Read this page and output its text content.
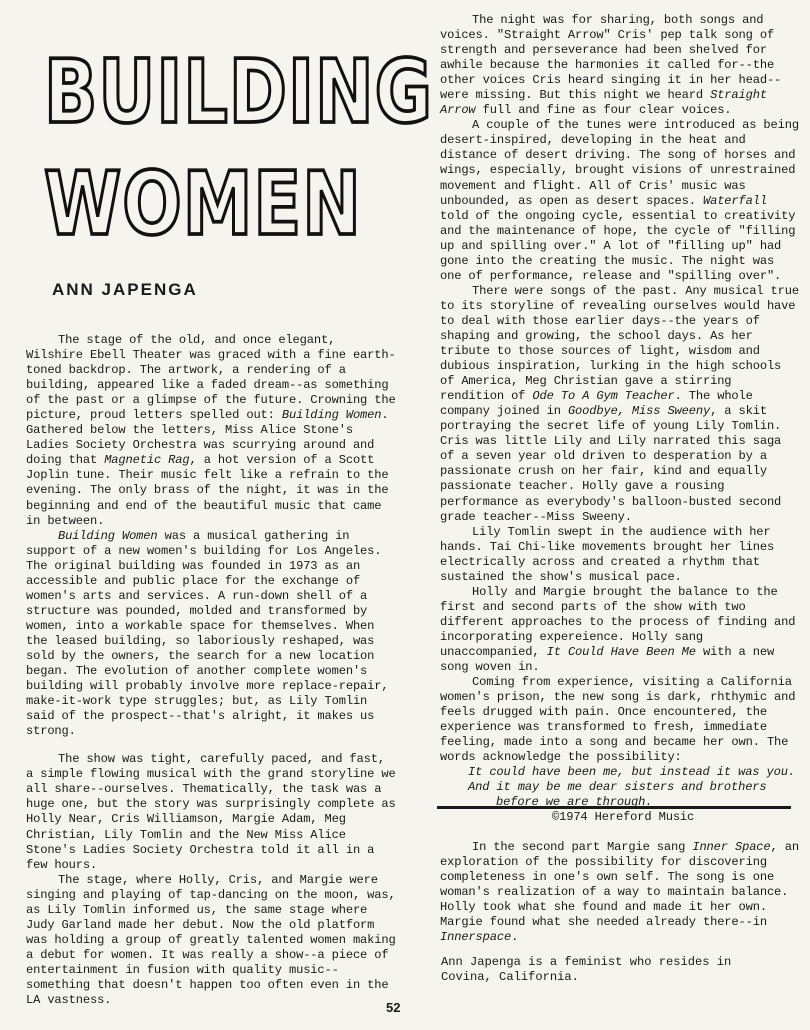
BUILDING
WOMEN
ANN JAPENGA

The stage of the old, and once elegant, Wilshire Ebell Theater was graced with a fine earth-toned backdrop. The artwork, a rendering of a building, appeared like a faded dream--as something of the past or a glimpse of the future. Crowning the picture, proud letters spelled out: Building Women. Gathered below the letters, Miss Alice Stone's Ladies Society Orchestra was scurrying around and doing that Magnetic Rag, a hot version of a Scott Joplin tune. Their music felt like a refrain to the evening. The only brass of the night, it was in the beginning and end of the beautiful music that came in between.

Building Women was a musical gathering in support of a new women's building for Los Angeles. The original building was founded in 1973 as an accessible and public place for the exchange of women's arts and services. A run-down shell of a structure was pounded, molded and transformed by women, into a workable space for themselves. When the leased building, so laboriously reshaped, was sold by the owners, the search for a new location began. The evolution of another complete women's building will probably involve more replace-repair, make-it-work type struggles; but, as Lily Tomlin said of the prospect--that's alright, it makes us strong.

The show was tight, carefully paced, and fast, a simple flowing musical with the grand storyline we all share--ourselves. Thematically, the task was a huge one, but the story was surprisingly complete as Holly Near, Cris Williamson, Margie Adam, Meg Christian, Lily Tomlin and the New Miss Alice Stone's Ladies Society Orchestra told it all in a few hours.

The stage, where Holly, Cris, and Margie were singing and playing of tap-dancing on the moon, was, as Lily Tomlin informed us, the same stage where Judy Garland made her debut. Now the old platform was holding a group of greatly talented women making a debut for women. It was really a show--a piece of entertainment in fusion with quality music--something that doesn't happen too often even in the LA vastness.

The night was for sharing, both songs and voices. "Straight Arrow" Cris' pep talk song of strength and perseverance had been shelved for awhile because the harmonies it called for--the other voices Cris heard singing it in her head--were missing. But this night we heard Straight Arrow full and fine as four clear voices.

A couple of the tunes were introduced as being desert-inspired, developing in the heat and distance of desert driving. The song of horses and wings, especially, brought visions of unrestrained movement and flight. All of Cris' music was unbounded, as open as desert spaces. Waterfall told of the ongoing cycle, essential to creativity and the maintenance of hope, the cycle of "filling up and spilling over." A lot of "filling up" had gone into the creating the music. The night was one of performance, release and "spilling over".

There were songs of the past. Any musical true to its storyline of revealing ourselves would have to deal with those earlier days--the years of shaping and growing, the school days. As her tribute to those sources of light, wisdom and dubious inspiration, lurking in the high schools of America, Meg Christian gave a stirring rendition of Ode To A Gym Teacher. The whole company joined in Goodbye, Miss Sweeny, a skit portraying the secret life of young Lily Tomlin. Cris was little Lily and Lily narrated this saga of a seven year old driven to desperation by a passionate crush on her fair, kind and equally passionate teacher. Holly gave a rousing performance as everybody's balloon-busted second grade teacher--Miss Sweeny.

Lily Tomlin swept in the audience with her hands. Tai Chi-like movements brought her lines electrically across and created a rhythm that sustained the show's musical pace.

Holly and Margie brought the balance to the first and second parts of the show with two different approaches to the process of finding and incorporating expereience. Holly sang unaccompanied, It Could Have Been Me with a new song woven in.

Coming from experience, visiting a California women's prison, the new song is dark, rhthymic and feels drugged with pain. Once encountered, the experience was transformed to fresh, immediate feeling, made into a song and became her own. The words acknowledge the possibility:

It could have been me, but instead it was you.
And it may be me dear sisters and brothers
before we are through.

©1974 Hereford Music

In the second part Margie sang Inner Space, an exploration of the possibility for discovering completeness in one's own self. The song is one woman's realization of a way to maintain balance. Holly took what she found and made it her own. Margie found what she needed already there--in Innerspace.

Ann Japenga is a feminist who resides in Covina, California.

52
